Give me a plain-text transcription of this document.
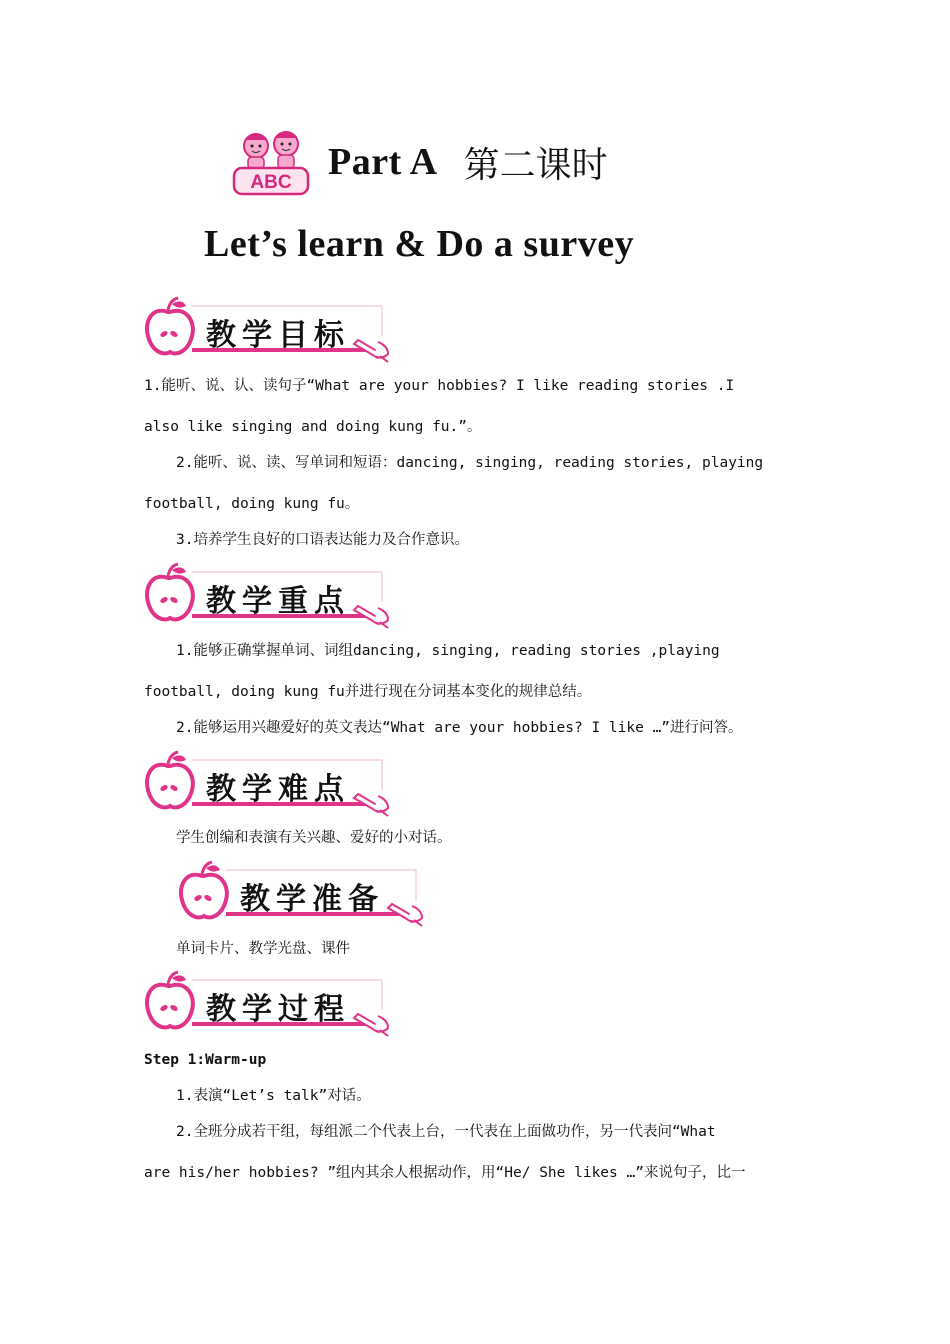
ABC Part A 第二课时
Let’s learn & Do a survey
教学目标
1.能听、说、认、读句子“What are your hobbies? I like reading stories .I
also like singing and doing kung fu.”。
2.能听、说、读、写单词和短语：dancing, singing, reading stories, playing
football, doing kung fu。
3.培养学生良好的口语表达能力及合作意识。
教学重点
1.能够正确掌握单词、词组dancing, singing, reading stories ,playing
football, doing kung fu并进行现在分词基本变化的规律总结。
2.能够运用兴趣爱好的英文表达“What are your hobbies? I like …”进行问答。
教学难点
学生创编和表演有关兴趣、爱好的小对话。
教学准备
单词卡片、教学光盘、课件
教学过程
Step 1:Warm-up
1.表演“Let’s talk”对话。
2.全班分成若干组，每组派二个代表上台，一代表在上面做功作，另一代表问“What
are his/her hobbies? ”组内其余人根据动作，用“He/ She likes …”来说句子，比一
